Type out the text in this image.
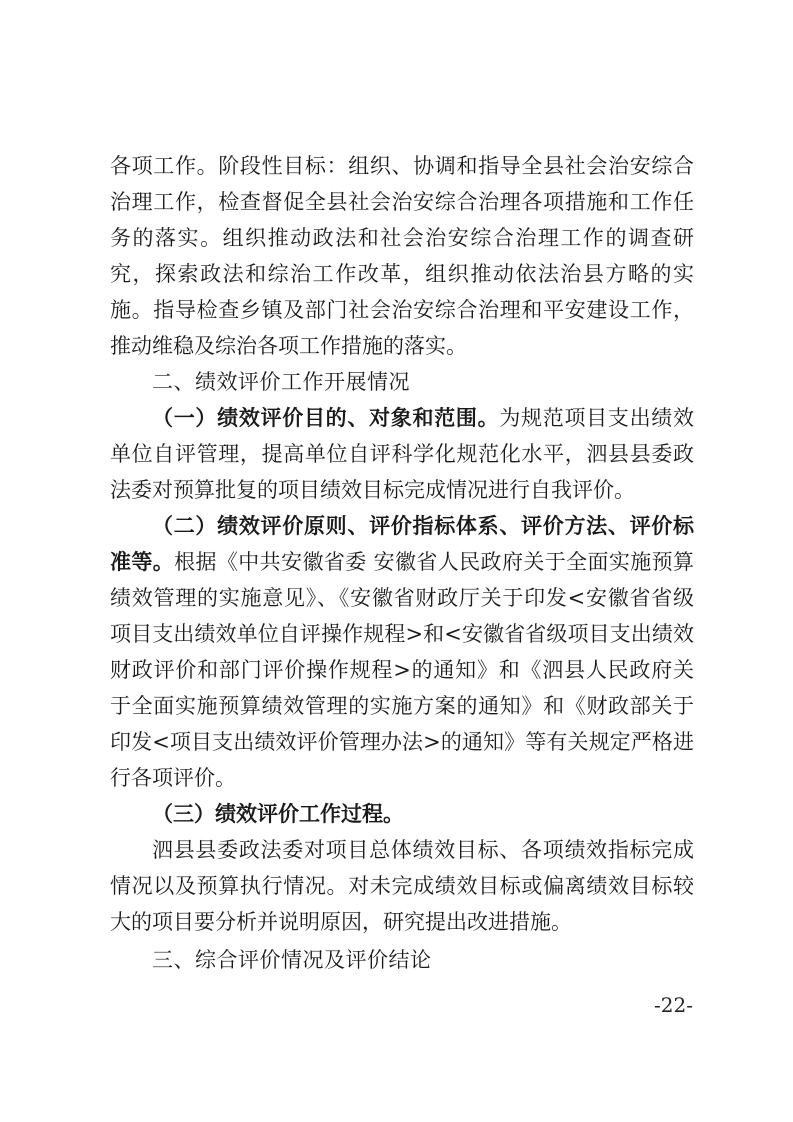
各项工作。阶段性目标：组织、协调和指导全县社会治安综合治理工作，检查督促全县社会治安综合治理各项措施和工作任务的落实。组织推动政法和社会治安综合治理工作的调查研究，探索政法和综治工作改革，组织推动依法治县方略的实施。指导检查乡镇及部门社会治安综合治理和平安建设工作，推动维稳及综治各项工作措施的落实。

二、绩效评价工作开展情况

（一）绩效评价目的、对象和范围。为规范项目支出绩效单位自评管理，提高单位自评科学化规范化水平，泗县县委政法委对预算批复的项目绩效目标完成情况进行自我评价。

（二）绩效评价原则、评价指标体系、评价方法、评价标准等。根据《中共安徽省委 安徽省人民政府关于全面实施预算绩效管理的实施意见》、《安徽省财政厅关于印发<安徽省省级项目支出绩效单位自评操作规程>和<安徽省省级项目支出绩效财政评价和部门评价操作规程>的通知》和《泗县人民政府关于全面实施预算绩效管理的实施方案的通知》和《财政部关于印发<项目支出绩效评价管理办法>的通知》等有关规定严格进行各项评价。

（三）绩效评价工作过程。

泗县县委政法委对项目总体绩效目标、各项绩效指标完成情况以及预算执行情况。对未完成绩效目标或偏离绩效目标较大的项目要分析并说明原因，研究提出改进措施。

三、综合评价情况及评价结论

-22-
